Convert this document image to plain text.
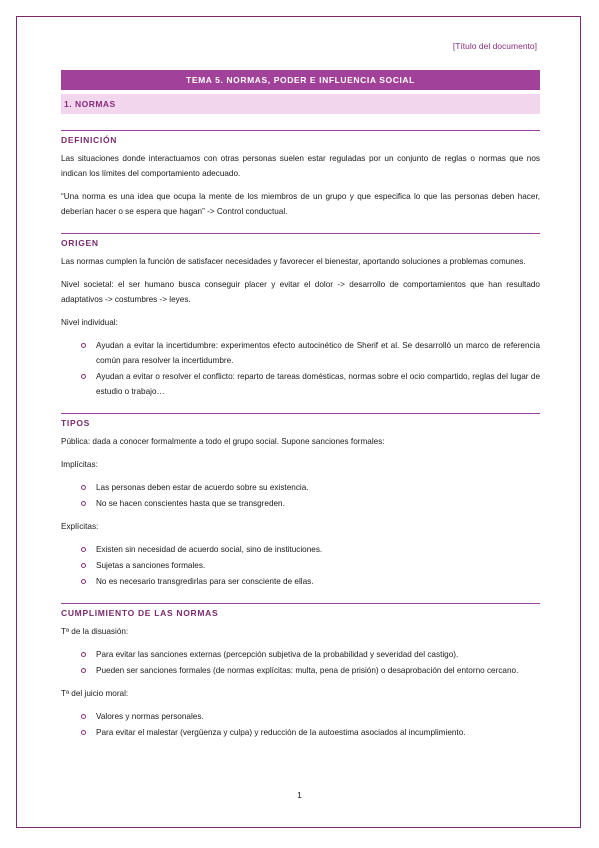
[Título del documento]
TEMA 5. NORMAS, PODER E INFLUENCIA SOCIAL
1. NORMAS
DEFINICIÓN

Las situaciones donde interactuamos con otras personas suelen estar reguladas por un conjunto de reglas o normas que nos indican los límites del comportamiento adecuado.

“Una norma es una idea que ocupa la mente de los miembros de un grupo y que especifica lo que las personas deben hacer, deberían hacer o se espera que hagan” -> Control conductual.

ORIGEN

Las normas cumplen la función de satisfacer necesidades y favorecer el bienestar, aportando soluciones a problemas comunes.

Nivel societal: el ser humano busca conseguir placer y evitar el dolor -> desarrollo de comportamientos que han resultado adaptativos -> costumbres -> leyes.

Nivel individual:

Ayudan a evitar la incertidumbre: experimentos efecto autocinético de Sherif et al. Se desarrolló un marco de referencia común para resolver la incertidumbre.
Ayudan a evitar o resolver el conflicto: reparto de tareas domésticas, normas sobre el ocio compartido, reglas del lugar de estudio o trabajo…
TIPOS

Pública: dada a conocer formalmente a todo el grupo social. Supone sanciones formales:

Implícitas:

Las personas deben estar de acuerdo sobre su existencia.
No se hacen conscientes hasta que se transgreden.

Explícitas:

Existen sin necesidad de acuerdo social, sino de instituciones.
Sujetas a sanciones formales.
No es necesario transgredirlas para ser consciente de ellas.
CUMPLIMIENTO DE LAS NORMAS

Tª de la disuasión:

Para evitar las sanciones externas (percepción subjetiva de la probabilidad y severidad del castigo).
Pueden ser sanciones formales (de normas explícitas: multa, pena de prisión) o desaprobación del entorno cercano.

Tª del juicio moral:

Valores y normas personales.
Para evitar el malestar (vergüenza y culpa) y reducción de la autoestima asociados al incumplimiento.
1
